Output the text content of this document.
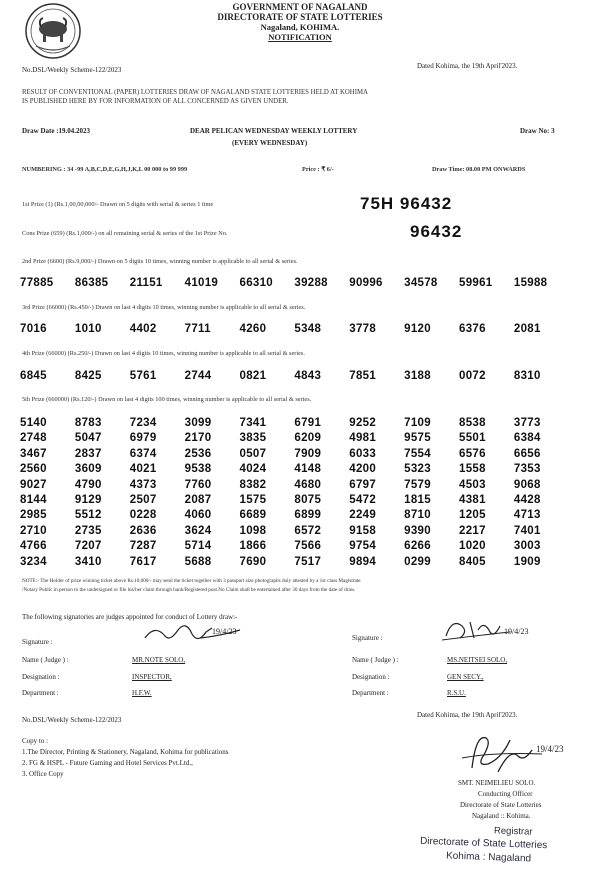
GOVERNMENT OF NAGALAND
DIRECTORATE OF STATE LOTTERIES
Nagaland, KOHIMA.
NOTIFICATION
No.DSL/Weekly Scheme-122/2023	Dated Kohima, the 19th April'2023.
RESULT OF CONVENTIONAL (PAPER) LOTTERIES DRAW OF NAGALAND STATE LOTTERIES HELD AT KOHIMA
IS PUBLISHED HERE BY FOR INFORMATION OF ALL CONCERNED AS GIVEN UNDER.
Draw Date :19.04.2023	DEAR PELICAN WEDNESDAY WEEKLY LOTTERY
(EVERY WEDNESDAY)
Draw No: 3
NUMBERING : 34 -99 A,B,C,D,E,G,H,J,K,L 00 000 to 99 999	Price : ₹ 6/-	Draw Time: 08.00 PM ONWARDS
1st Prize (1) (Rs.1,00,00,000/- Drawn on 5 digits with serial & series 1 time	75H 96432
Cons Prize (659) (Rs.1,000/-) on all remaining serial & series of the 1st Prize No.	96432
2nd Prize (6600) (Rs.9,000/-) Drawn on 5 digits 10 times, winning number is applicable to all serial & series.
77885	86385	21151	41019	66310	39288	90996	34578	59961	15988
3rd Prize (66000) (Rs.450/-) Drawn on last 4 digits 10 times, winning number is applicable to all serial & series.
7016	1010	4402	7711	4260	5348	3778	9120	6376	2081
4th Prize (66000) (Rs.250/-) Drawn on last 4 digits 10 times, winning number is applicable to all serial & series.
6845	8425	5761	2744	0821	4843	7851	3188	0072	8310
5th Prize (660000) (Rs.120/-) Drawn on last 4 digits 100 times, winning number is applicable to all serial & series.
5140	8783	7234	3099	7341	6791	9252	7109	8538	3773
2748	5047	6979	2170	3835	6209	4981	9575	5501	6384
3467	2837	6374	2536	0507	7909	6033	7554	6576	6656
2560	3609	4021	9538	4024	4148	4200	5323	1558	7353
9027	4790	4373	7760	8382	4680	6797	7579	4503	9068
8144	9129	2507	2087	1575	8075	5472	1815	4381	4428
2985	5512	0228	4060	6689	6899	2249	8710	1205	4713
2710	2735	2636	3624	1098	6572	9158	9390	2217	7401
4766	7207	7287	5714	1866	7566	9754	6266	1020	3003
3234	3410	7617	5688	7690	7517	9894	0299	8405	1909
NOTE:- The Holder of prize winning ticket above Rs.10,000/- may send the ticket together with 3 passport size photographs duly attested by a 1st class Magistrate
/Notary Public in person to the undersigned or file his/her claim through bank/Registered post.No Claim shall be entertained after 30 days from the date of draw.
The following signatories are judges appointed for conduct of Lottery draw:-
Signature :
19/4/23
Name ( Judge ) :	MR.NOTE SOLO,
Designation :	INSPECTOR,
Department :	H.F.W.
Signature :
19/4/23
Name ( Judge ) :	MS.NEITSEI SOLO,
Designation :	GEN SECY.,
Department :	R.S.U.
No.DSL/Weekly Scheme-122/2023
Dated Kohima, the 19th April'2023.
Copy to :
1.The Director, Printing & Stationery, Nagaland, Kohima for publications
2. FG & HSPL - Future Gaming and Hotel Services Pvt.Ltd.,
3. Office Copy
19/4/23
SMT. NEIMELIEU SOLO.
Conducting Officer
Directorate of State Lotteries
Nagaland :: Kohima.
Registrar
Directorate of State Lotteries
Kohima : Nagaland
